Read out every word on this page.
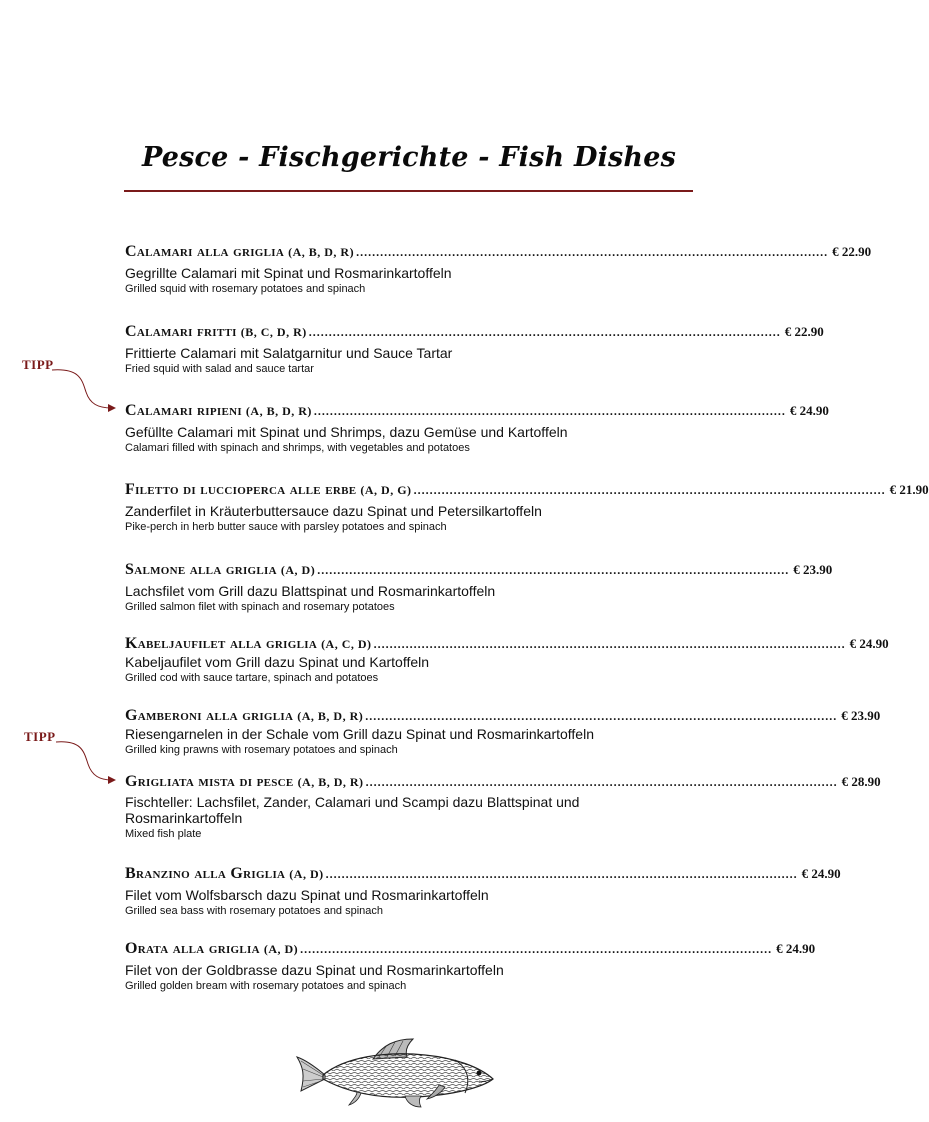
Pesce - Fischgerichte - Fish Dishes
TIPP
TIPP
Calamari alla griglia (A, B, D, R) ...................................................................................................................... € 22.90
Gegrillte Calamari mit Spinat und Rosmarinkartoffeln
Grilled squid with rosemary potatoes and spinach
Calamari fritti (B, C, D, R) ...................................................................................................................... € 22.90
Frittierte Calamari mit Salatgarnitur und Sauce Tartar
Fried squid with salad and sauce tartar
Calamari ripieni (A, B, D, R) ...................................................................................................................... € 24.90
Gefüllte Calamari mit Spinat und Shrimps, dazu Gemüse und Kartoffeln
Calamari filled with spinach and shrimps, with vegetables and potatoes
Filetto di luccioperca alle erbe (A, D, G) ...................................................................................................................... € 21.90
Zanderfilet in Kräuterbuttersauce dazu Spinat und Petersilkartoffeln
Pike-perch in herb butter sauce with parsley potatoes and spinach
Salmone alla griglia (A, D) ...................................................................................................................... € 23.90
Lachsfilet vom Grill dazu Blattspinat und Rosmarinkartoffeln
Grilled salmon filet with spinach and rosemary potatoes
Kabeljaufilet alla griglia (A, C, D) ...................................................................................................................... € 24.90
Kabeljaufilet vom Grill dazu Spinat und Kartoffeln
Grilled cod with sauce tartare, spinach and potatoes
Gamberoni alla griglia (A, B, D, R) ...................................................................................................................... € 23.90
Riesengarnelen in der Schale vom Grill dazu Spinat und Rosmarinkartoffeln
Grilled king prawns with rosemary potatoes and spinach
Grigliata mista di pesce (A, B, D, R) ...................................................................................................................... € 28.90
Fischteller: Lachsfilet, Zander, Calamari und Scampi dazu Blattspinat und Rosmarinkartoffeln
Mixed fish plate
Branzino alla Griglia (A, D) ...................................................................................................................... € 24.90
Filet vom Wolfsbarsch dazu Spinat und Rosmarinkartoffeln
Grilled sea bass with rosemary potatoes and spinach
Orata alla griglia (A, D) ...................................................................................................................... € 24.90
Filet von der Goldbrasse dazu Spinat und Rosmarinkartoffeln
Grilled golden bream with rosemary potatoes and spinach
